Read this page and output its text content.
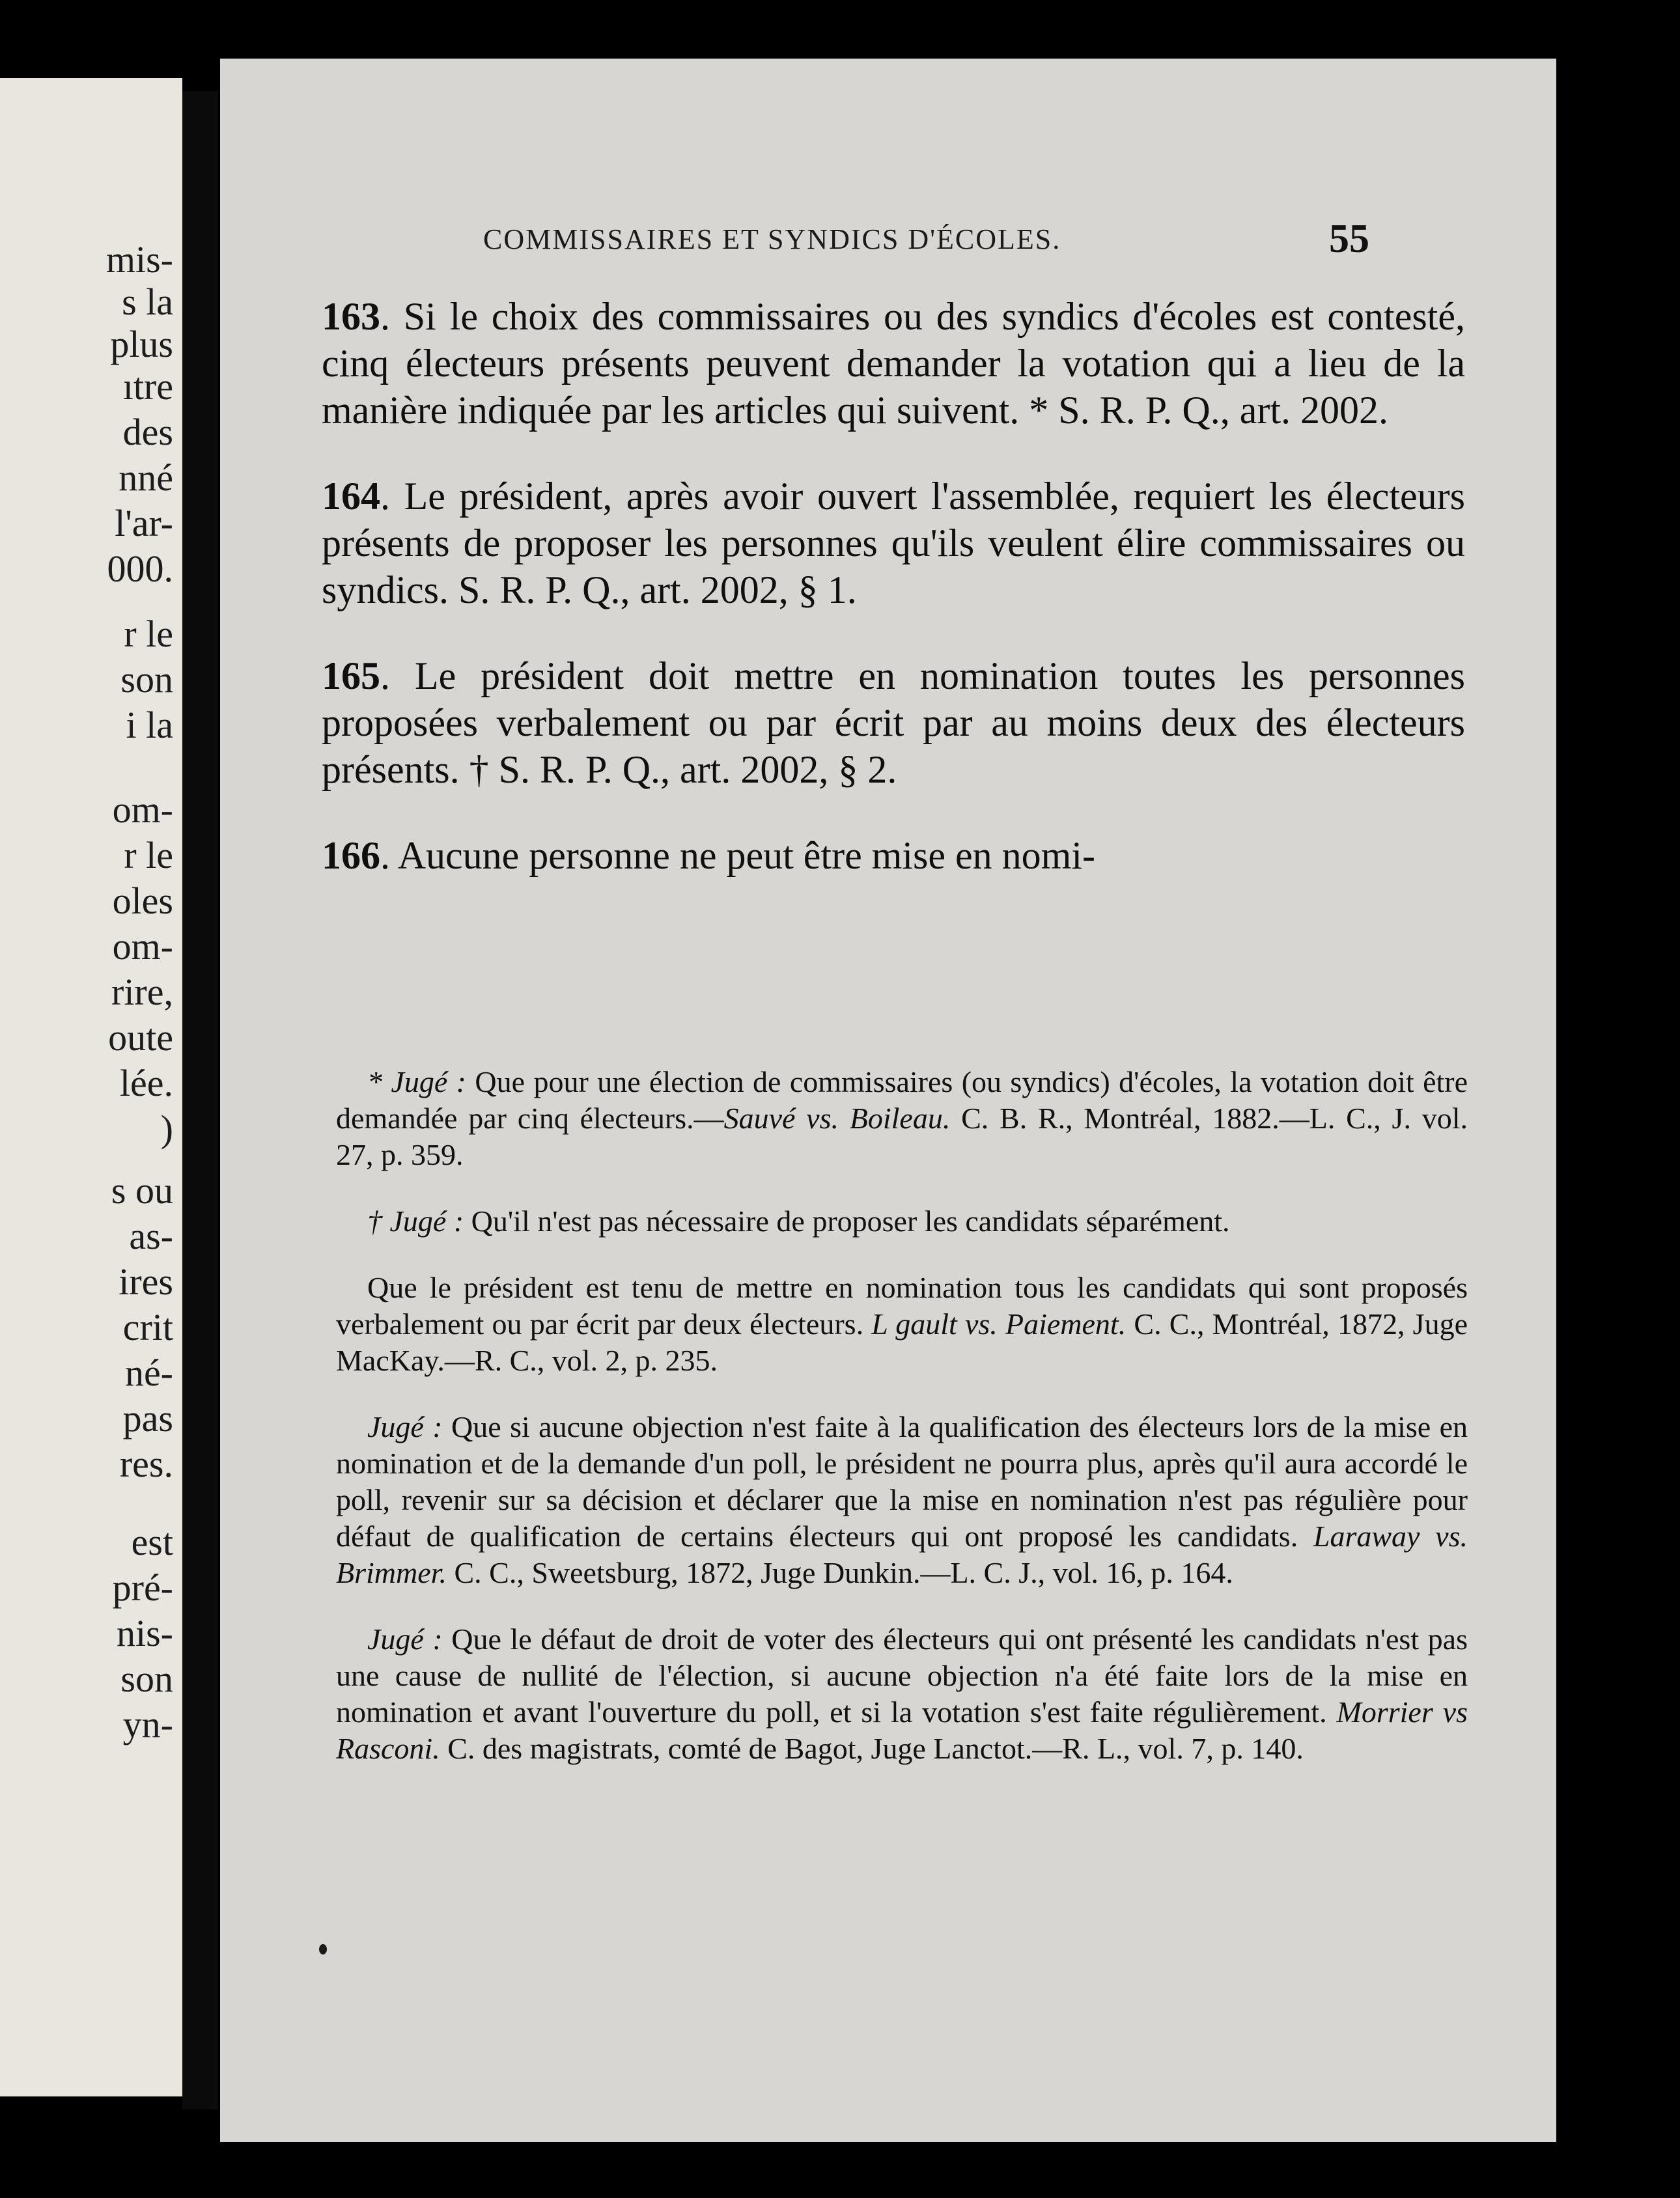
mis-
s la
plus
ıtre
des
nné
l'ar-
000.
r le
son
i la
om-
r le
oles
om-
rire,
oute
lée.
)
s ou
as-
ires
crit
né-
pas
res.
est
pré-
nis-
son
yn-
COMMISSAIRES ET SYNDICS D'ÉCOLES.	55

163. Si le choix des commissaires ou des syndics d'écoles est contesté, cinq électeurs présents peuvent demander la votation qui a lieu de la manière indiquée par les articles qui suivent. * S. R. P. Q., art. 2002.

164. Le président, après avoir ouvert l'assemblée, requiert les électeurs présents de proposer les personnes qu'ils veulent élire commissaires ou syndics. S. R. P. Q., art. 2002, § 1.

165. Le président doit mettre en nomination toutes les personnes proposées verbalement ou par écrit par au moins deux des électeurs présents. † S. R. P. Q., art. 2002, § 2.

166. Aucune personne ne peut être mise en nomi-

* Jugé : Que pour une élection de commissaires (ou syndics) d'écoles, la votation doit être demandée par cinq électeurs.—Sauvé vs. Boileau. C. B. R., Montréal, 1882.—L. C., J. vol. 27, p. 359.

† Jugé : Qu'il n'est pas nécessaire de proposer les candidats séparément.

Que le président est tenu de mettre en nomination tous les candidats qui sont proposés verbalement ou par écrit par deux électeurs. L gault vs. Paiement. C. C., Montréal, 1872, Juge MacKay.—R. C., vol. 2, p. 235.

Jugé : Que si aucune objection n'est faite à la qualification des électeurs lors de la mise en nomination et de la demande d'un poll, le président ne pourra plus, après qu'il aura accordé le poll, revenir sur sa décision et déclarer que la mise en nomination n'est pas régulière pour défaut de qualification de certains électeurs qui ont proposé les candidats. Laraway vs. Brimmer. C. C., Sweetsburg, 1872, Juge Dunkin.—L. C. J., vol. 16, p. 164.

Jugé : Que le défaut de droit de voter des électeurs qui ont présenté les candidats n'est pas une cause de nullité de l'élection, si aucune objection n'a été faite lors de la mise en nomination et avant l'ouverture du poll, et si la votation s'est faite régulièrement. Morrier vs Rasconi. C. des magistrats, comté de Bagot, Juge Lanctot.—R. L., vol. 7, p. 140.
